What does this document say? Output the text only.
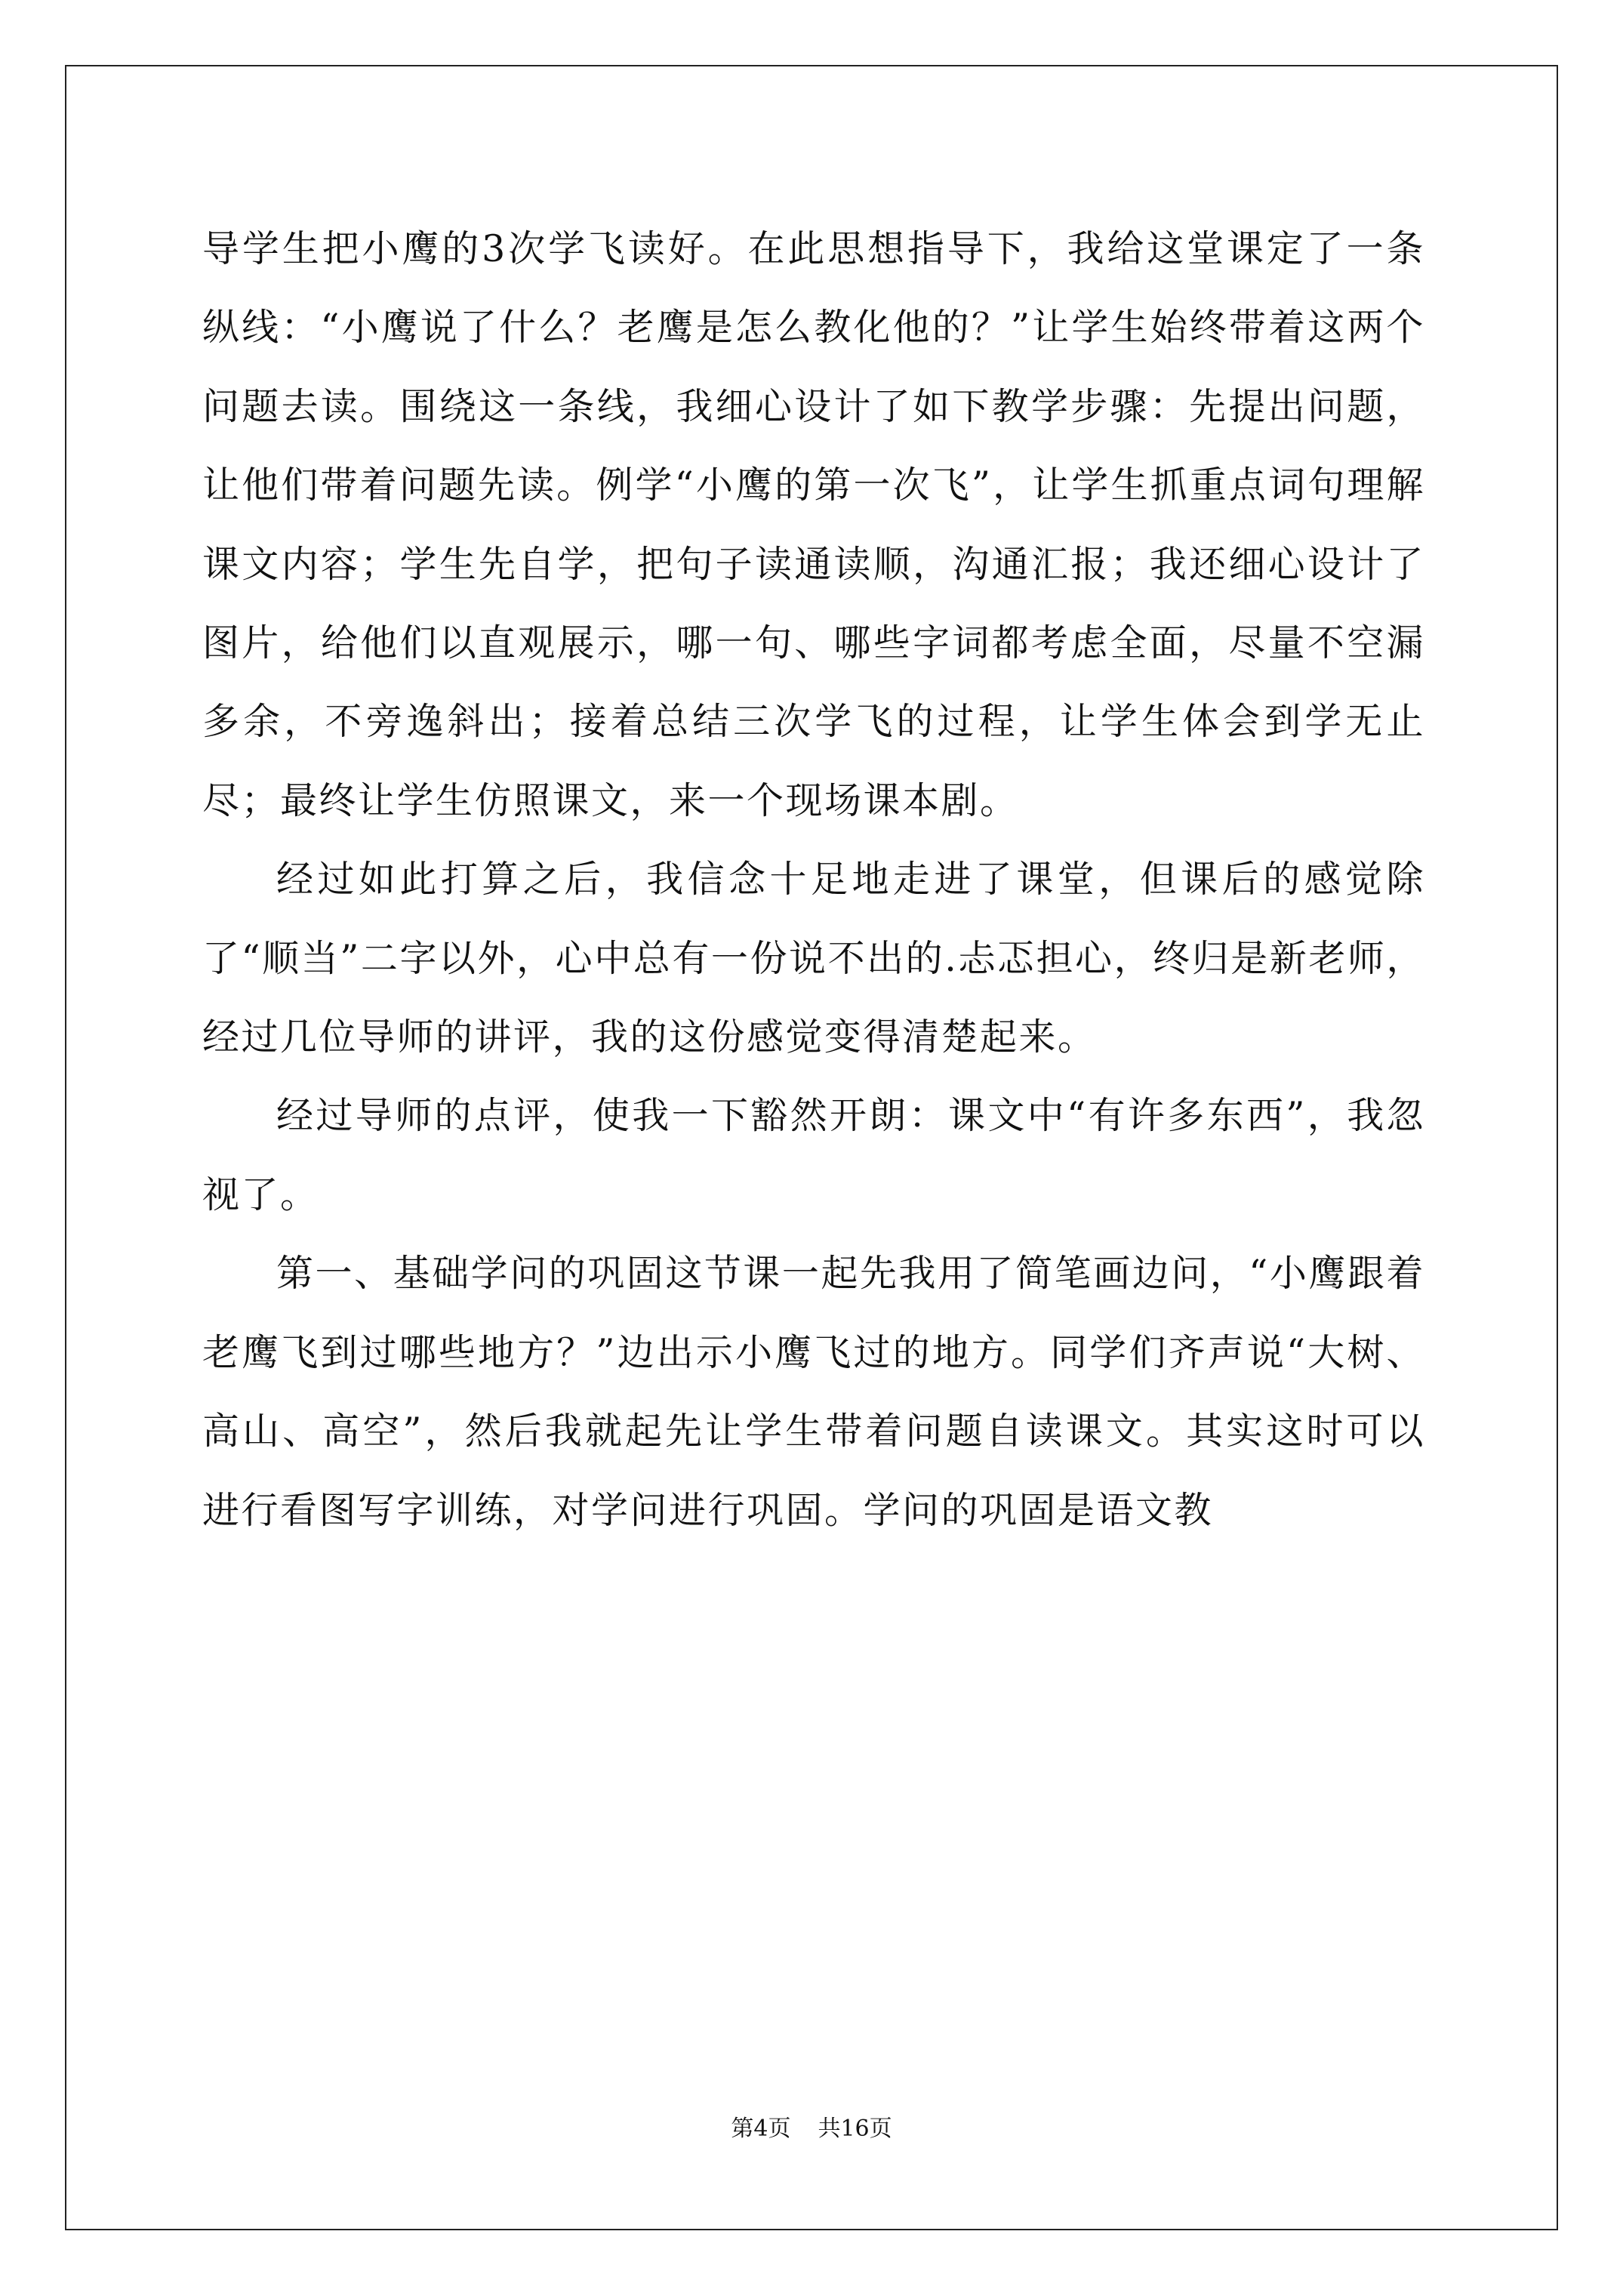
导学生把小鹰的3次学飞读好。在此思想指导下，我给这堂课定了一条纵线：“小鹰说了什么？老鹰是怎么教化他的？”让学生始终带着这两个问题去读。围绕这一条线，我细心设计了如下教学步骤：先提出问题，让他们带着问题先读。例学“小鹰的第一次飞”，让学生抓重点词句理解课文内容；学生先自学，把句子读通读顺，沟通汇报；我还细心设计了图片，给他们以直观展示，哪一句、哪些字词都考虑全面，尽量不空漏多余，不旁逸斜出；接着总结三次学飞的过程，让学生体会到学无止尽；最终让学生仿照课文，来一个现场课本剧。

经过如此打算之后，我信念十足地走进了课堂，但课后的感觉除了“顺当”二字以外，心中总有一份说不出的.忐忑担心，终归是新老师，经过几位导师的讲评，我的这份感觉变得清楚起来。

经过导师的点评，使我一下豁然开朗：课文中“有许多东西”，我忽视了。

第一、基础学问的巩固这节课一起先我用了简笔画边问，“小鹰跟着老鹰飞到过哪些地方？”边出示小鹰飞过的地方。同学们齐声说“大树、高山、高空”，然后我就起先让学生带着问题自读课文。其实这时可以进行看图写字训练，对学问进行巩固。学问的巩固是语文教

第4页 共16页
